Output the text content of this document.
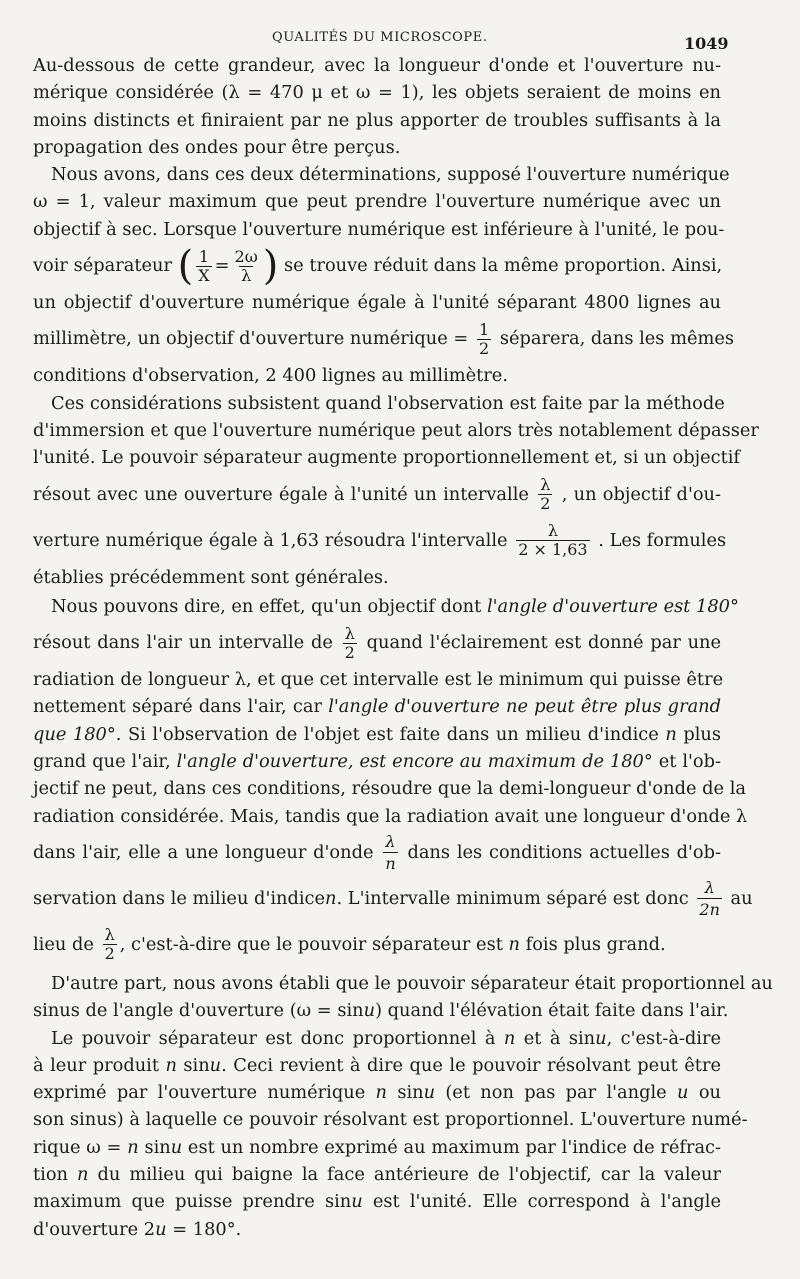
QUALITÉS DU MICROSCOPE.	1049
Au-dessous de cette grandeur, avec la longueur d'onde et l'ouverture nu-
mérique considérée (λ = 470 μ et ω = 1), les objets seraient de moins en
moins distincts et finiraient par ne plus apporter de troubles suffisants à la
propagation des ondes pour être perçus.
Nous avons, dans ces deux déterminations, supposé l'ouverture numérique
ω = 1, valeur maximum que peut prendre l'ouverture numérique avec un
objectif à sec. Lorsque l'ouverture numérique est inférieure à l'unité, le pou-
voir séparateur ( $\frac{1}{X} = \frac{2\omega}{\lambda}$ ) se trouve réduit dans la même proportion. Ainsi,
un objectif d'ouverture numérique égale à l'unité séparant 4800 lignes au
millimètre, un objectif d'ouverture numérique = $\frac{1}{2}$ séparera, dans les mêmes
conditions d'observation, 2 400 lignes au millimètre.
Ces considérations subsistent quand l'observation est faite par la méthode
d'immersion et que l'ouverture numérique peut alors très notablement dépasser
l'unité. Le pouvoir séparateur augmente proportionnellement et, si un objectif
résout avec une ouverture égale à l'unité un intervalle $\frac{\lambda}{2}$ , un objectif d'ou-
verture numérique égale à 1,63 résoudra l'intervalle $\frac{\lambda}{2 \times 1,63}$ . Les formules
établies précédemment sont générales.
Nous pouvons dire, en effet, qu'un objectif dont l'angle d'ouverture est 180°
résout dans l'air un intervalle de $\frac{\lambda}{2}$ quand l'éclairement est donné par une
radiation de longueur λ, et que cet intervalle est le minimum qui puisse être
nettement séparé dans l'air, car l'angle d'ouverture ne peut être plus grand
que 180°. Si l'observation de l'objet est faite dans un milieu d'indice n plus
grand que l'air, l'angle d'ouverture, est encore au maximum de 180° et l'ob-
jectif ne peut, dans ces conditions, résoudre que la demi-longueur d'onde de la
radiation considérée. Mais, tandis que la radiation avait une longueur d'onde λ
dans l'air, elle a une longueur d'onde $\frac{\lambda}{n}$ dans les conditions actuelles d'ob-
servation dans le milieu d'indicen. L'intervalle minimum séparé est donc $\frac{\lambda}{2n}$ au
lieu de $\frac{\lambda}{2}$ , c'est-à-dire que le pouvoir séparateur est n fois plus grand.
D'autre part, nous avons établi que le pouvoir séparateur était proportionnel au
sinus de l'angle d'ouverture (ω = sinu) quand l'élévation était faite dans l'air.
Le pouvoir séparateur est donc proportionnel à n et à sinu, c'est-à-dire
à leur produit n sinu. Ceci revient à dire que le pouvoir résolvant peut être
exprimé par l'ouverture numérique n sinu (et non pas par l'angle u ou
son sinus) à laquelle ce pouvoir résolvant est proportionnel. L'ouverture numé-
rique ω = n sinu est un nombre exprimé au maximum par l'indice de réfrac-
tion n du milieu qui baigne la face antérieure de l'objectif, car la valeur
maximum que puisse prendre sinu est l'unité. Elle correspond à l'angle
d'ouverture 2u = 180°.
